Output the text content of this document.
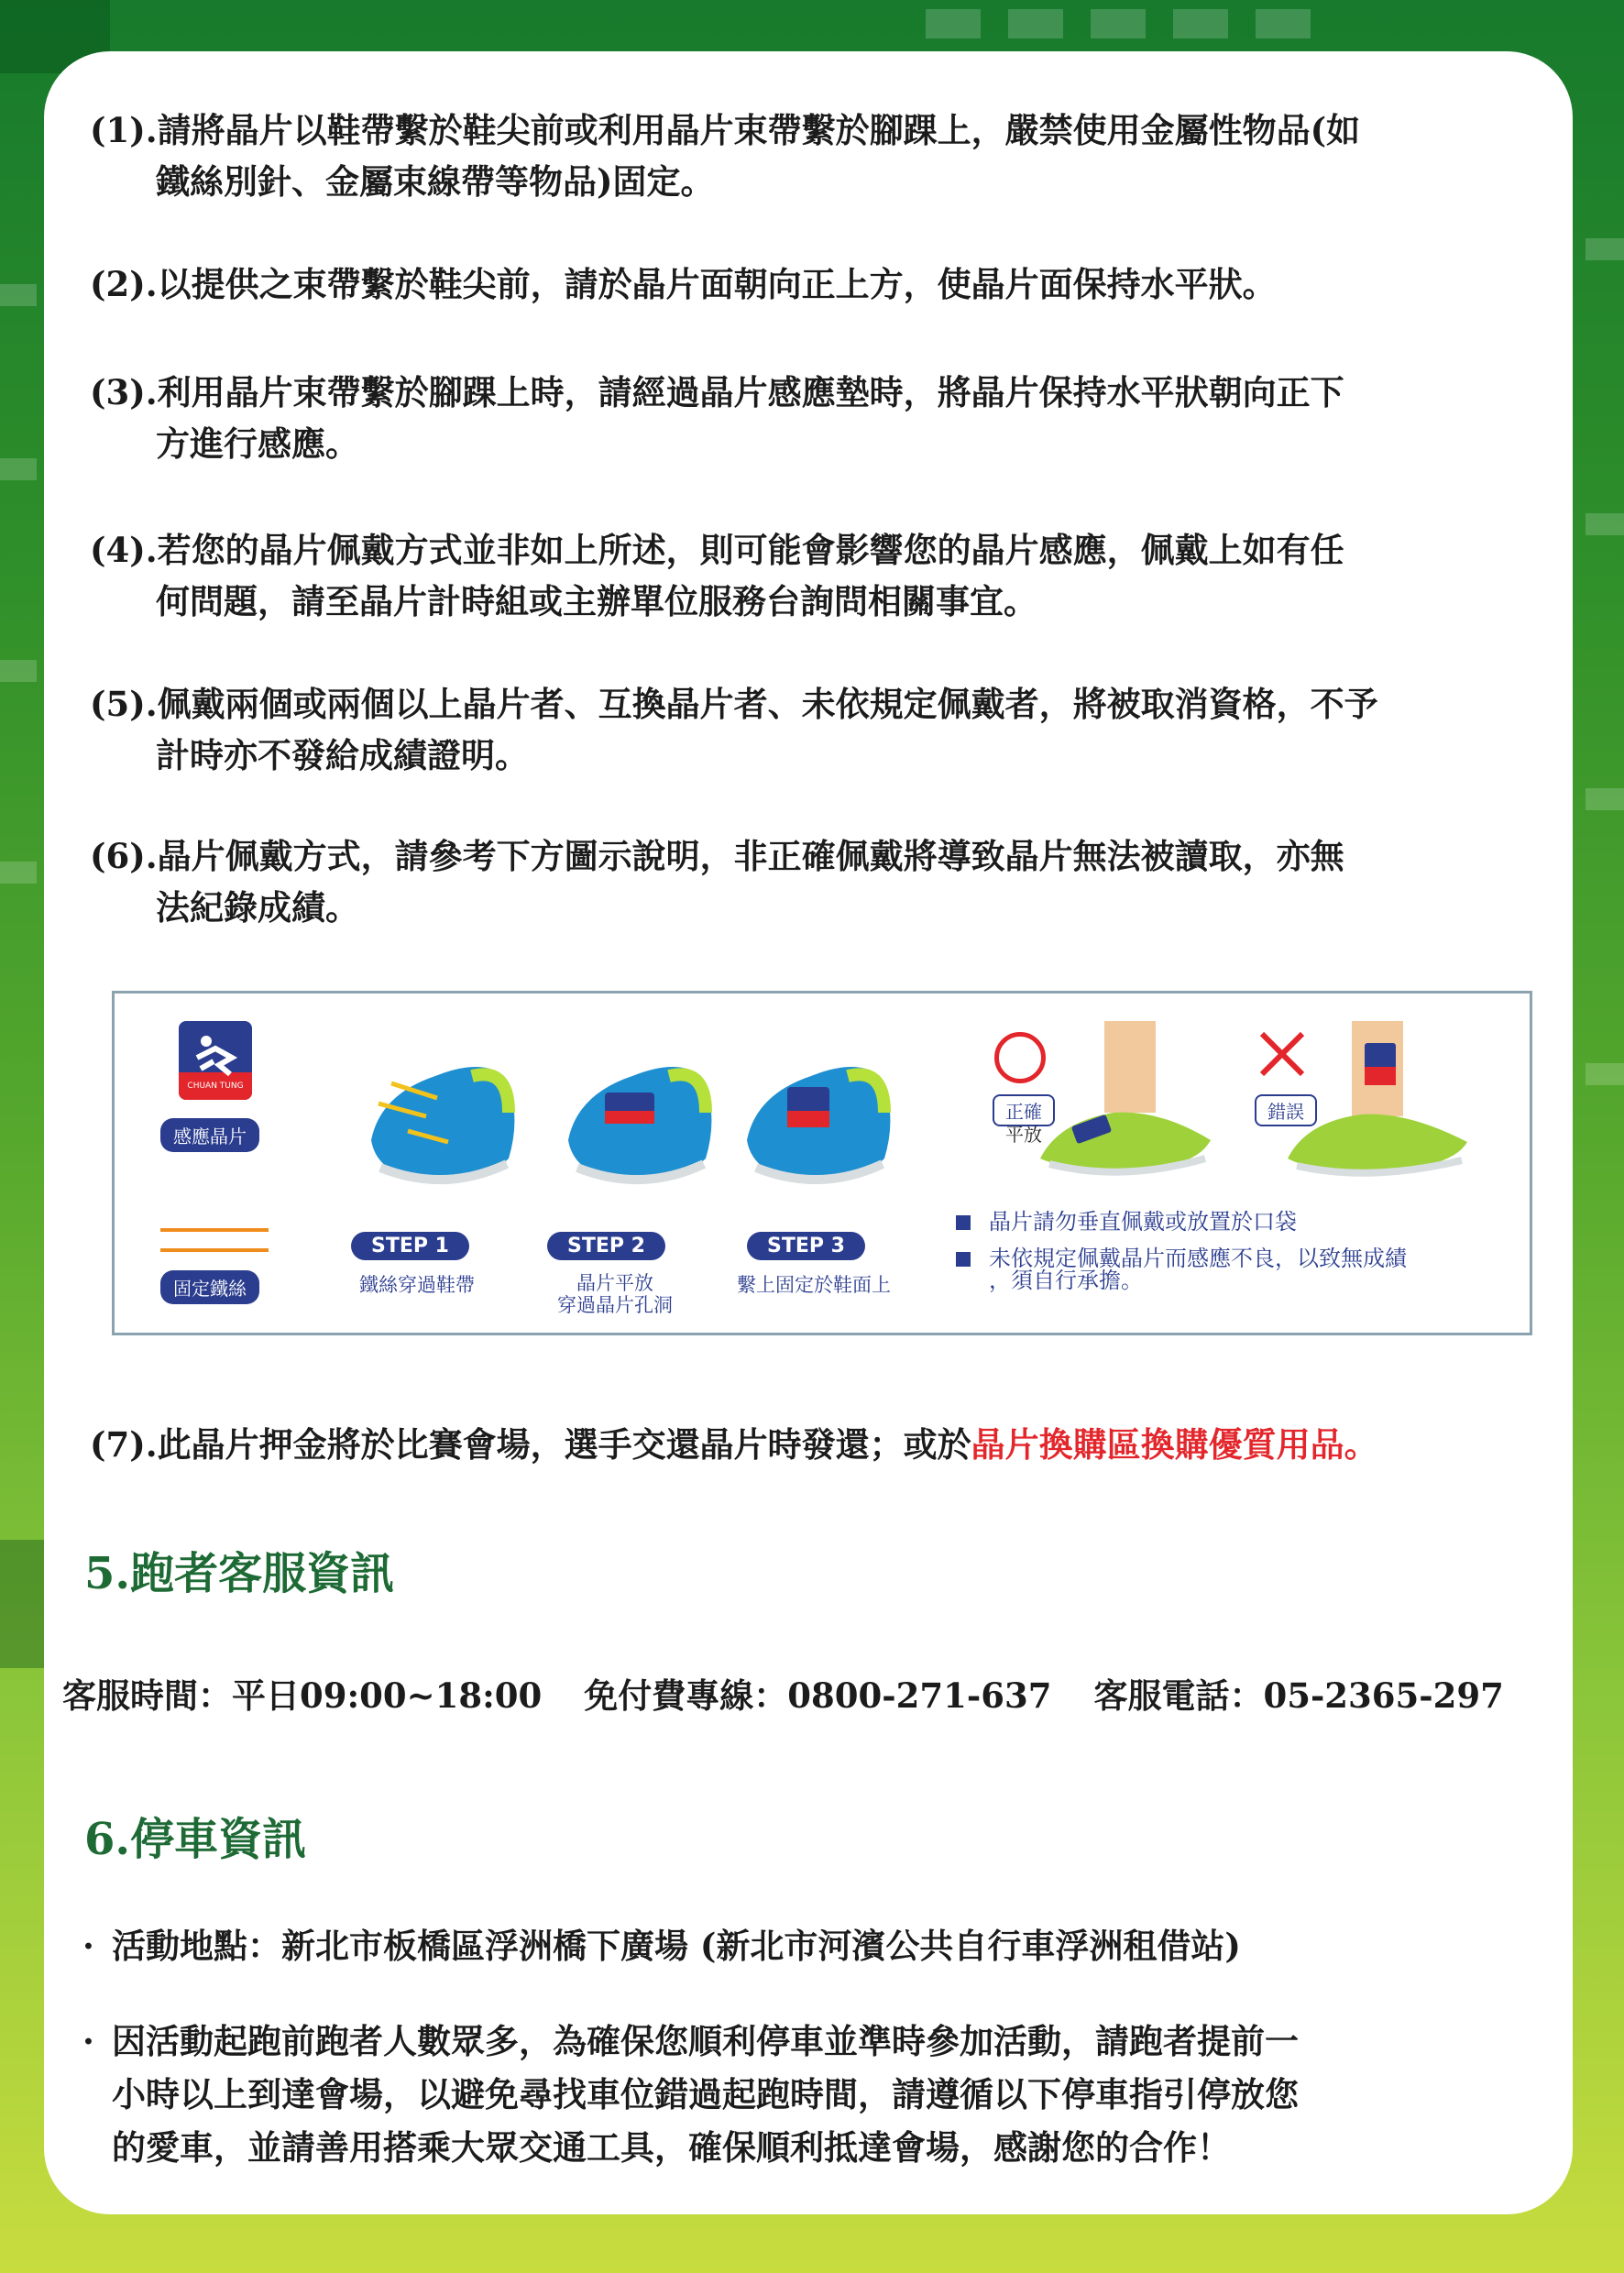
(1).請將晶片以鞋帶繫於鞋尖前或利用晶片束帶繫於腳踝上，嚴禁使用金屬性物品(如
鐵絲別針、金屬束線帶等物品)固定。
(2).以提供之束帶繫於鞋尖前，請於晶片面朝向正上方，使晶片面保持水平狀。
(3).利用晶片束帶繫於腳踝上時，請經過晶片感應墊時，將晶片保持水平狀朝向正下
方進行感應。
(4).若您的晶片佩戴方式並非如上所述，則可能會影響您的晶片感應，佩戴上如有任
何問題，請至晶片計時組或主辦單位服務台詢問相關事宜。
(5).佩戴兩個或兩個以上晶片者、互換晶片者、未依規定佩戴者，將被取消資格，不予
計時亦不發給成績證明。
(6).晶片佩戴方式，請參考下方圖示說明，非正確佩戴將導致晶片無法被讀取，亦無
法紀錄成績。
CHUAN TUNG
感應晶片
固定鐵絲
STEP 1
鐵絲穿過鞋帶
STEP 2
晶片平放
穿過晶片孔洞
STEP 3
繫上固定於鞋面上
正確
平放
錯誤
晶片請勿垂直佩戴或放置於口袋
未依規定佩戴晶片而感應不良，以致無成績
，須自行承擔。
(7).此晶片押金將於比賽會場，選手交還晶片時發還；或於晶片換購區換購優質用品。
5.跑者客服資訊
客服時間：平日09:00~18:00 免付費專線：0800-271-637 客服電話：05-2365-297
6.停車資訊
· 活動地點：新北市板橋區浮洲橋下廣場 (新北市河濱公共自行車浮洲租借站)
· 因活動起跑前跑者人數眾多，為確保您順利停車並準時參加活動，請跑者提前一
小時以上到達會場，以避免尋找車位錯過起跑時間，請遵循以下停車指引停放您
的愛車，並請善用搭乘大眾交通工具，確保順利抵達會場，感謝您的合作！
